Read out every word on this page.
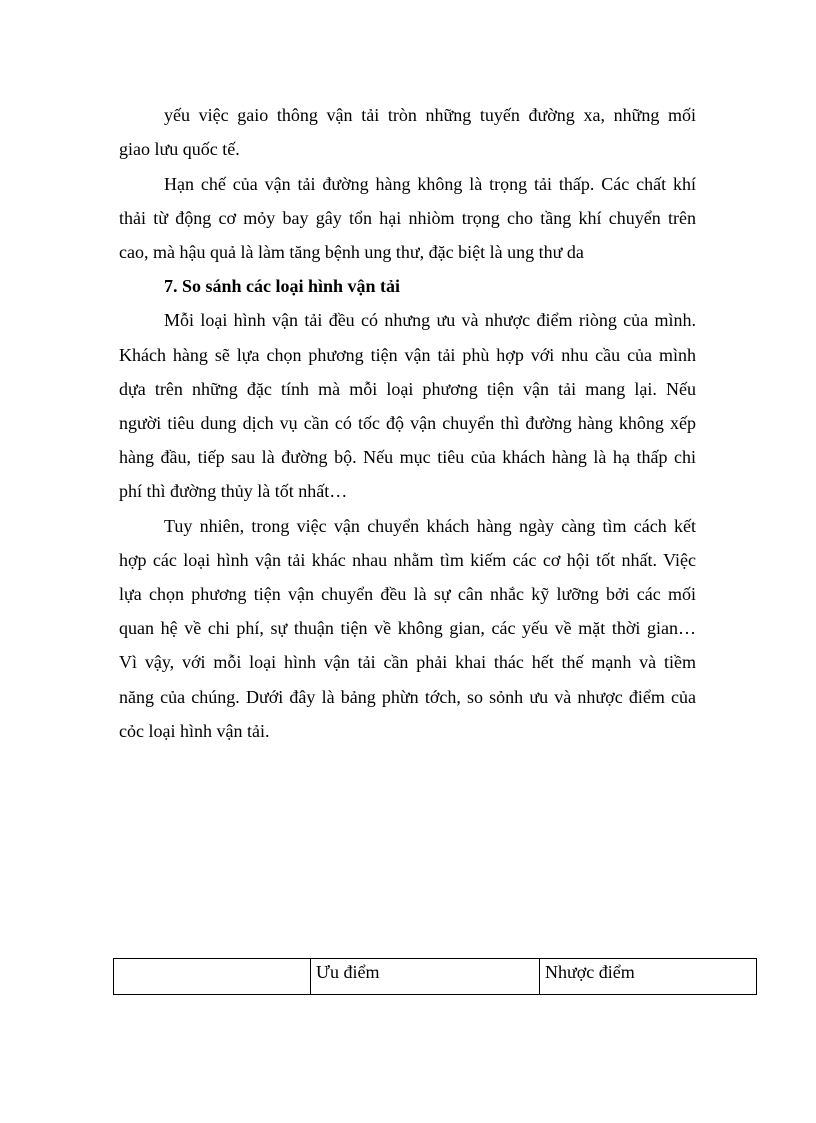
yếu việc gaio thông vận tải tròn những tuyến đường xa, những mối
giao lưu quốc tế.
Hạn chế của vận tải đường hàng không là trọng tải thấp. Các chất khí
thải từ động cơ mỏy bay gây tổn hại nhiòm trọng cho tầng khí chuyển trên
cao, mà hậu quả là làm tăng bệnh ung thư, đặc biệt là ung thư da
7. So sánh các loại hình vận tải
Mỗi loại hình vận tải đều có nhưng ưu và nhược điểm riòng của mình.
Khách hàng sẽ lựa chọn phương tiện vận tải phù hợp với nhu cầu của mình
dựa trên những đặc tính mà mỗi loại phương tiện vận tải mang lại. Nếu
người tiêu dung dịch vụ cần có tốc độ vận chuyển thì đường hàng không xếp
hàng đầu, tiếp sau là đường bộ. Nếu mục tiêu của khách hàng là hạ thấp chi
phí thì đường thủy là tốt nhất…
Tuy nhiên, trong việc vận chuyển khách hàng ngày càng tìm cách kết
hợp các loại hình vận tải khác nhau nhằm tìm kiếm các cơ hội tốt nhất. Việc
lựa chọn phương tiện vận chuyển đều là sự cân nhắc kỹ lưỡng bởi các mối
quan hệ về chi phí, sự thuận tiện về không gian, các yếu về mặt thời gian…
Vì vậy, với mỗi loại hình vận tải cần phải khai thác hết thế mạnh và tiềm
năng của chúng. Dưới đây là bảng phừn tớch, so sỏnh ưu và nhược điểm của
cỏc loại hình vận tải.
	Ưu điểm	Nhược điểm
